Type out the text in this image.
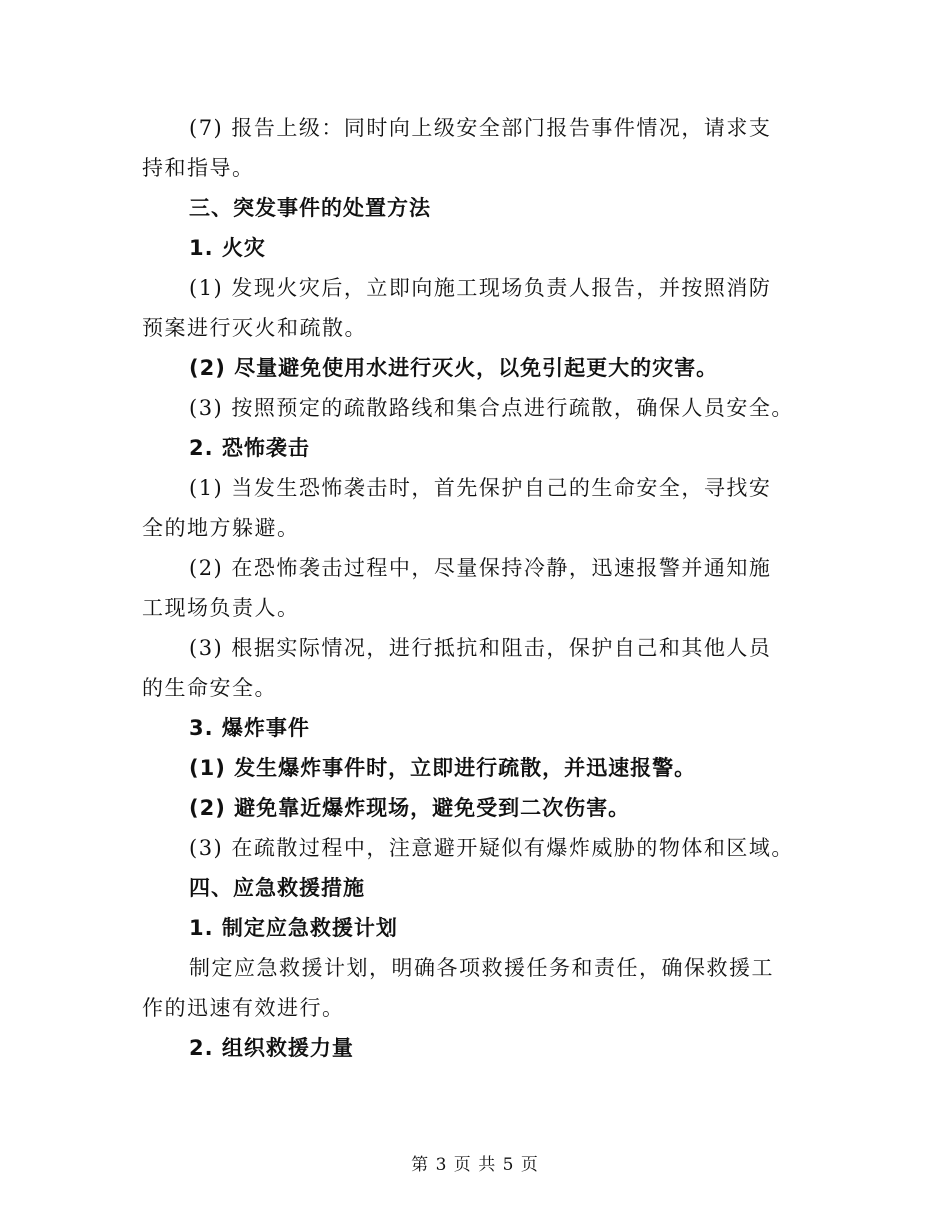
(7) 报告上级：同时向上级安全部门报告事件情况，请求支
持和指导。
三、突发事件的处置方法
1. 火灾
(1) 发现火灾后，立即向施工现场负责人报告，并按照消防
预案进行灭火和疏散。
(2) 尽量避免使用水进行灭火，以免引起更大的灾害。
(3) 按照预定的疏散路线和集合点进行疏散，确保人员安全。
2. 恐怖袭击
(1) 当发生恐怖袭击时，首先保护自己的生命安全，寻找安
全的地方躲避。
(2) 在恐怖袭击过程中，尽量保持冷静，迅速报警并通知施
工现场负责人。
(3) 根据实际情况，进行抵抗和阻击，保护自己和其他人员
的生命安全。
3. 爆炸事件
(1) 发生爆炸事件时，立即进行疏散，并迅速报警。
(2) 避免靠近爆炸现场，避免受到二次伤害。
(3) 在疏散过程中，注意避开疑似有爆炸威胁的物体和区域。
四、应急救援措施
1. 制定应急救援计划
制定应急救援计划，明确各项救援任务和责任，确保救援工
作的迅速有效进行。
2. 组织救援力量
第 3 页 共 5 页
